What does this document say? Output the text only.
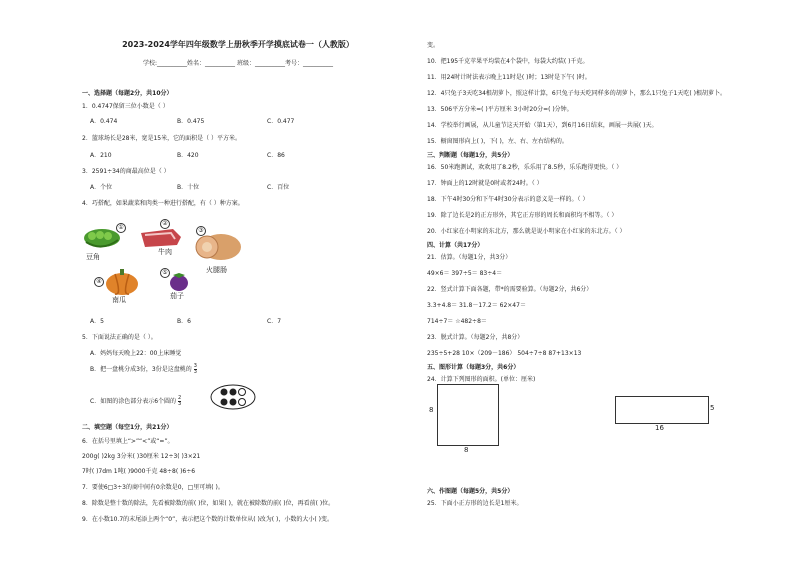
2023-2024学年四年级数学上册秋季开学摸底试卷一（人教版）
学校:__________姓名：__________ 班级：__________考号：__________
一、选择题（每题2分，共10分）
1．0.4747保留三位小数是（ ）
A．0.474	B．0.475	C．0.477
2．篮球场长是28米，宽是15米，它的面积是（ ）平方米。
A．210	B．420	C．86
3．2591÷34的商最高位是（ ）
A．个位	B．十位	C．百位
4．巧搭配，如果蔬菜和肉类一种进行搭配，有（ ）种方案。
①
豆角
②
牛肉
③
火腿肠
④
南瓜
⑤
茄子
A．5	B．6	C．7
5．下面说法正确的是（ ）。
A．妈妈每天晚上22：00上床睡觉
B．把一盘桃分成3份，3份是这盘桃的 $\frac{3}{3}$
C．如图的涂色部分表示6个圆的 $\frac{2}{3}$
二、填空题（每空1分，共21分）
6．在括号里填上“>”“<”或“=”。
200g( )2kg 3分米( )30厘米 12÷3( )3×21
7时( )7dm 1吨( )9000千克 48÷8( )6÷6
7．要使6□3÷3的商中间有0余数是0，□里可填( )。
8．除数是整十数的除法，先看被除数的前( )位，如果( )，就在被除数的前( )位，再看前( )位。
9．在小数10.7的末尾添上两个“0”，表示把这个数的计数单位从( )改为( )，小数的大小( )变。
变。
10．把195千克苹果平均装在4个袋中，每袋大约装( )千克。
11．用24时计时法表示晚上11时是( )时；13时是下午( )时。
12．4只兔子3天吃34根胡萝卜，照这样计算，6只兔子每天吃同样多的胡萝卜，那么1只兔子1天吃( )根胡萝卜。
13．506平方分米=( )平方厘米 3小时20分=( )分钟。
14．学校举行画展，从儿童节这天开始（第1天），到6月16日结束，画展一共展( )天。
15．橱窗图形向上( )，下( )，左、右、左右结构的。
三、判断题（每题1分，共5分）
16．50米跑测试，欢欢用了8.2秒，乐乐用了8.5秒，乐乐跑得更快。（ ）
17．钟面上的12时就是0时或者24时。（ ）
18．下午4时30分和下午4时30分表示的意义是一样的。（ ）
19．除了边长是2的正方形外，其它正方形的周长和面积均不相等。（ ）
20．小红家在小明家的东北方，那么就是说小明家在小红家的东北方。（ ）
四、计算（共17分）
21．估算。（每题1分，共3分）
49×6＝ 397÷5＝ 83÷4＝
22．竖式计算下面各题，带*的需要验算。（每题2分，共6分）
3.3+4.8＝ 31.8－17.2＝ 62×47＝
714÷7＝ ☆482÷8＝
23．脱式计算。（每题2分，共8分）
235÷5+28 10×（209－186） 504÷7÷8 87+13×13
五、图形计算（每题3分，共6分）
24．计算下列图形的面积。(单位：厘米)
8
8
16
5
六、作图题（每题5分，共5分）
25．下面小正方形的边长是1厘米。
